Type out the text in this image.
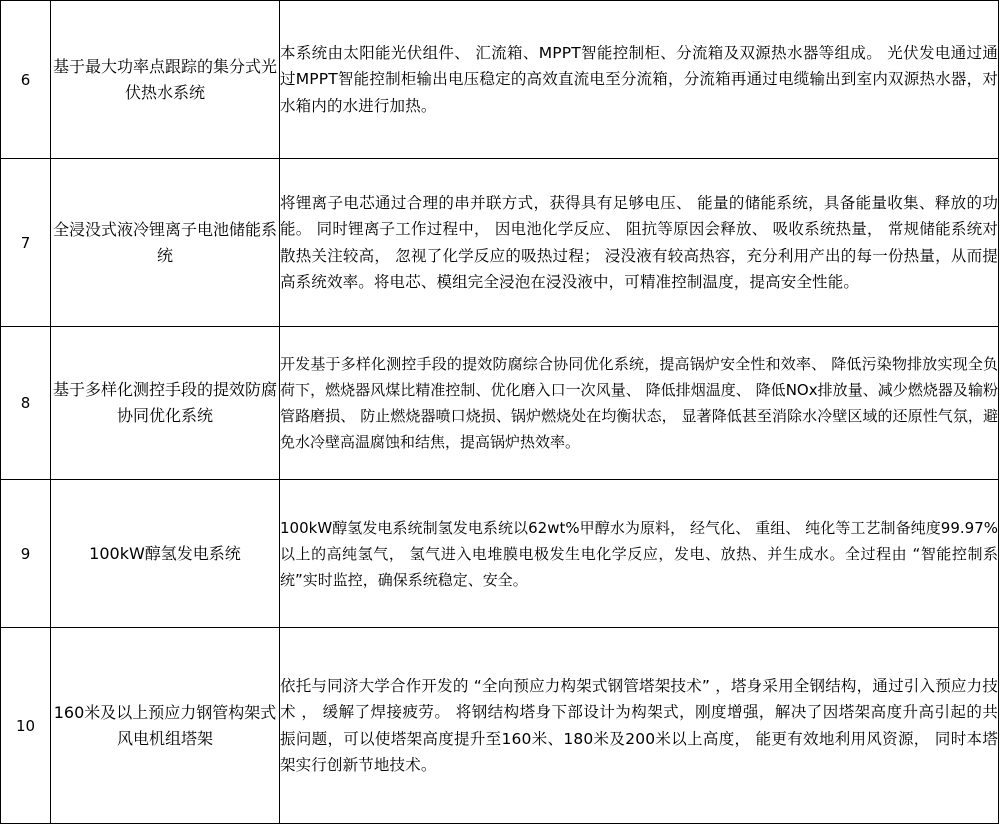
6	基于最大功率点跟踪的集分式光伏热水系统	本系统由太阳能光伏组件、 汇流箱、MPPT智能控制柜、分流箱及双源热水器等组成。 光伏发电通过通过MPPT智能控制柜输出电压稳定的高效直流电至分流箱，分流箱再通过电缆输出到室内双源热水器，对水箱内的水进行加热。
7	全浸没式液冷锂离子电池储能系统	将锂离子电芯通过合理的串并联方式，获得具有足够电压、 能量的储能系统，具备能量收集、释放的功能。 同时锂离子工作过程中， 因电池化学反应、 阻抗等原因会释放、 吸收系统热量， 常规储能系统对散热关注较高， 忽视了化学反应的吸热过程； 浸没液有较高热容，充分利用产出的每一份热量，从而提高系统效率。将电芯、模组完全浸泡在浸没液中，可精准控制温度，提高安全性能。
8	基于多样化测控手段的提效防腐协同优化系统	开发基于多样化测控手段的提效防腐综合协同优化系统，提高锅炉安全性和效率、 降低污染物排放实现全负荷下，燃烧器风煤比精准控制、优化磨入口一次风量、 降低排烟温度、 降低NOx排放量、减少燃烧器及输粉管路磨损、 防止燃烧器喷口烧损、锅炉燃烧处在均衡状态， 显著降低甚至消除水冷壁区域的还原性气氛，避免水冷壁高温腐蚀和结焦，提高锅炉热效率。
9	100kW醇氢发电系统	100kW醇氢发电系统制氢发电系统以62wt%甲醇水为原料， 经气化、 重组、 纯化等工艺制备纯度99.97%以上的高纯氢气， 氢气进入电堆膜电极发生电化学反应，发电、放热、并生成水。全过程由 “智能控制系统”实时监控，确保系统稳定、安全。
10	160米及以上预应力钢管构架式风电机组塔架	依托与同济大学合作开发的 “全向预应力构架式钢管塔架技术” ，塔身采用全钢结构，通过引入预应力技术 ， 缓解了焊接疲劳。 将钢结构塔身下部设计为构架式，刚度增强，解决了因塔架高度升高引起的共振问题，可以使塔架高度提升至160米、180米及200米以上高度， 能更有效地利用风资源， 同时本塔架实行创新节地技术。
